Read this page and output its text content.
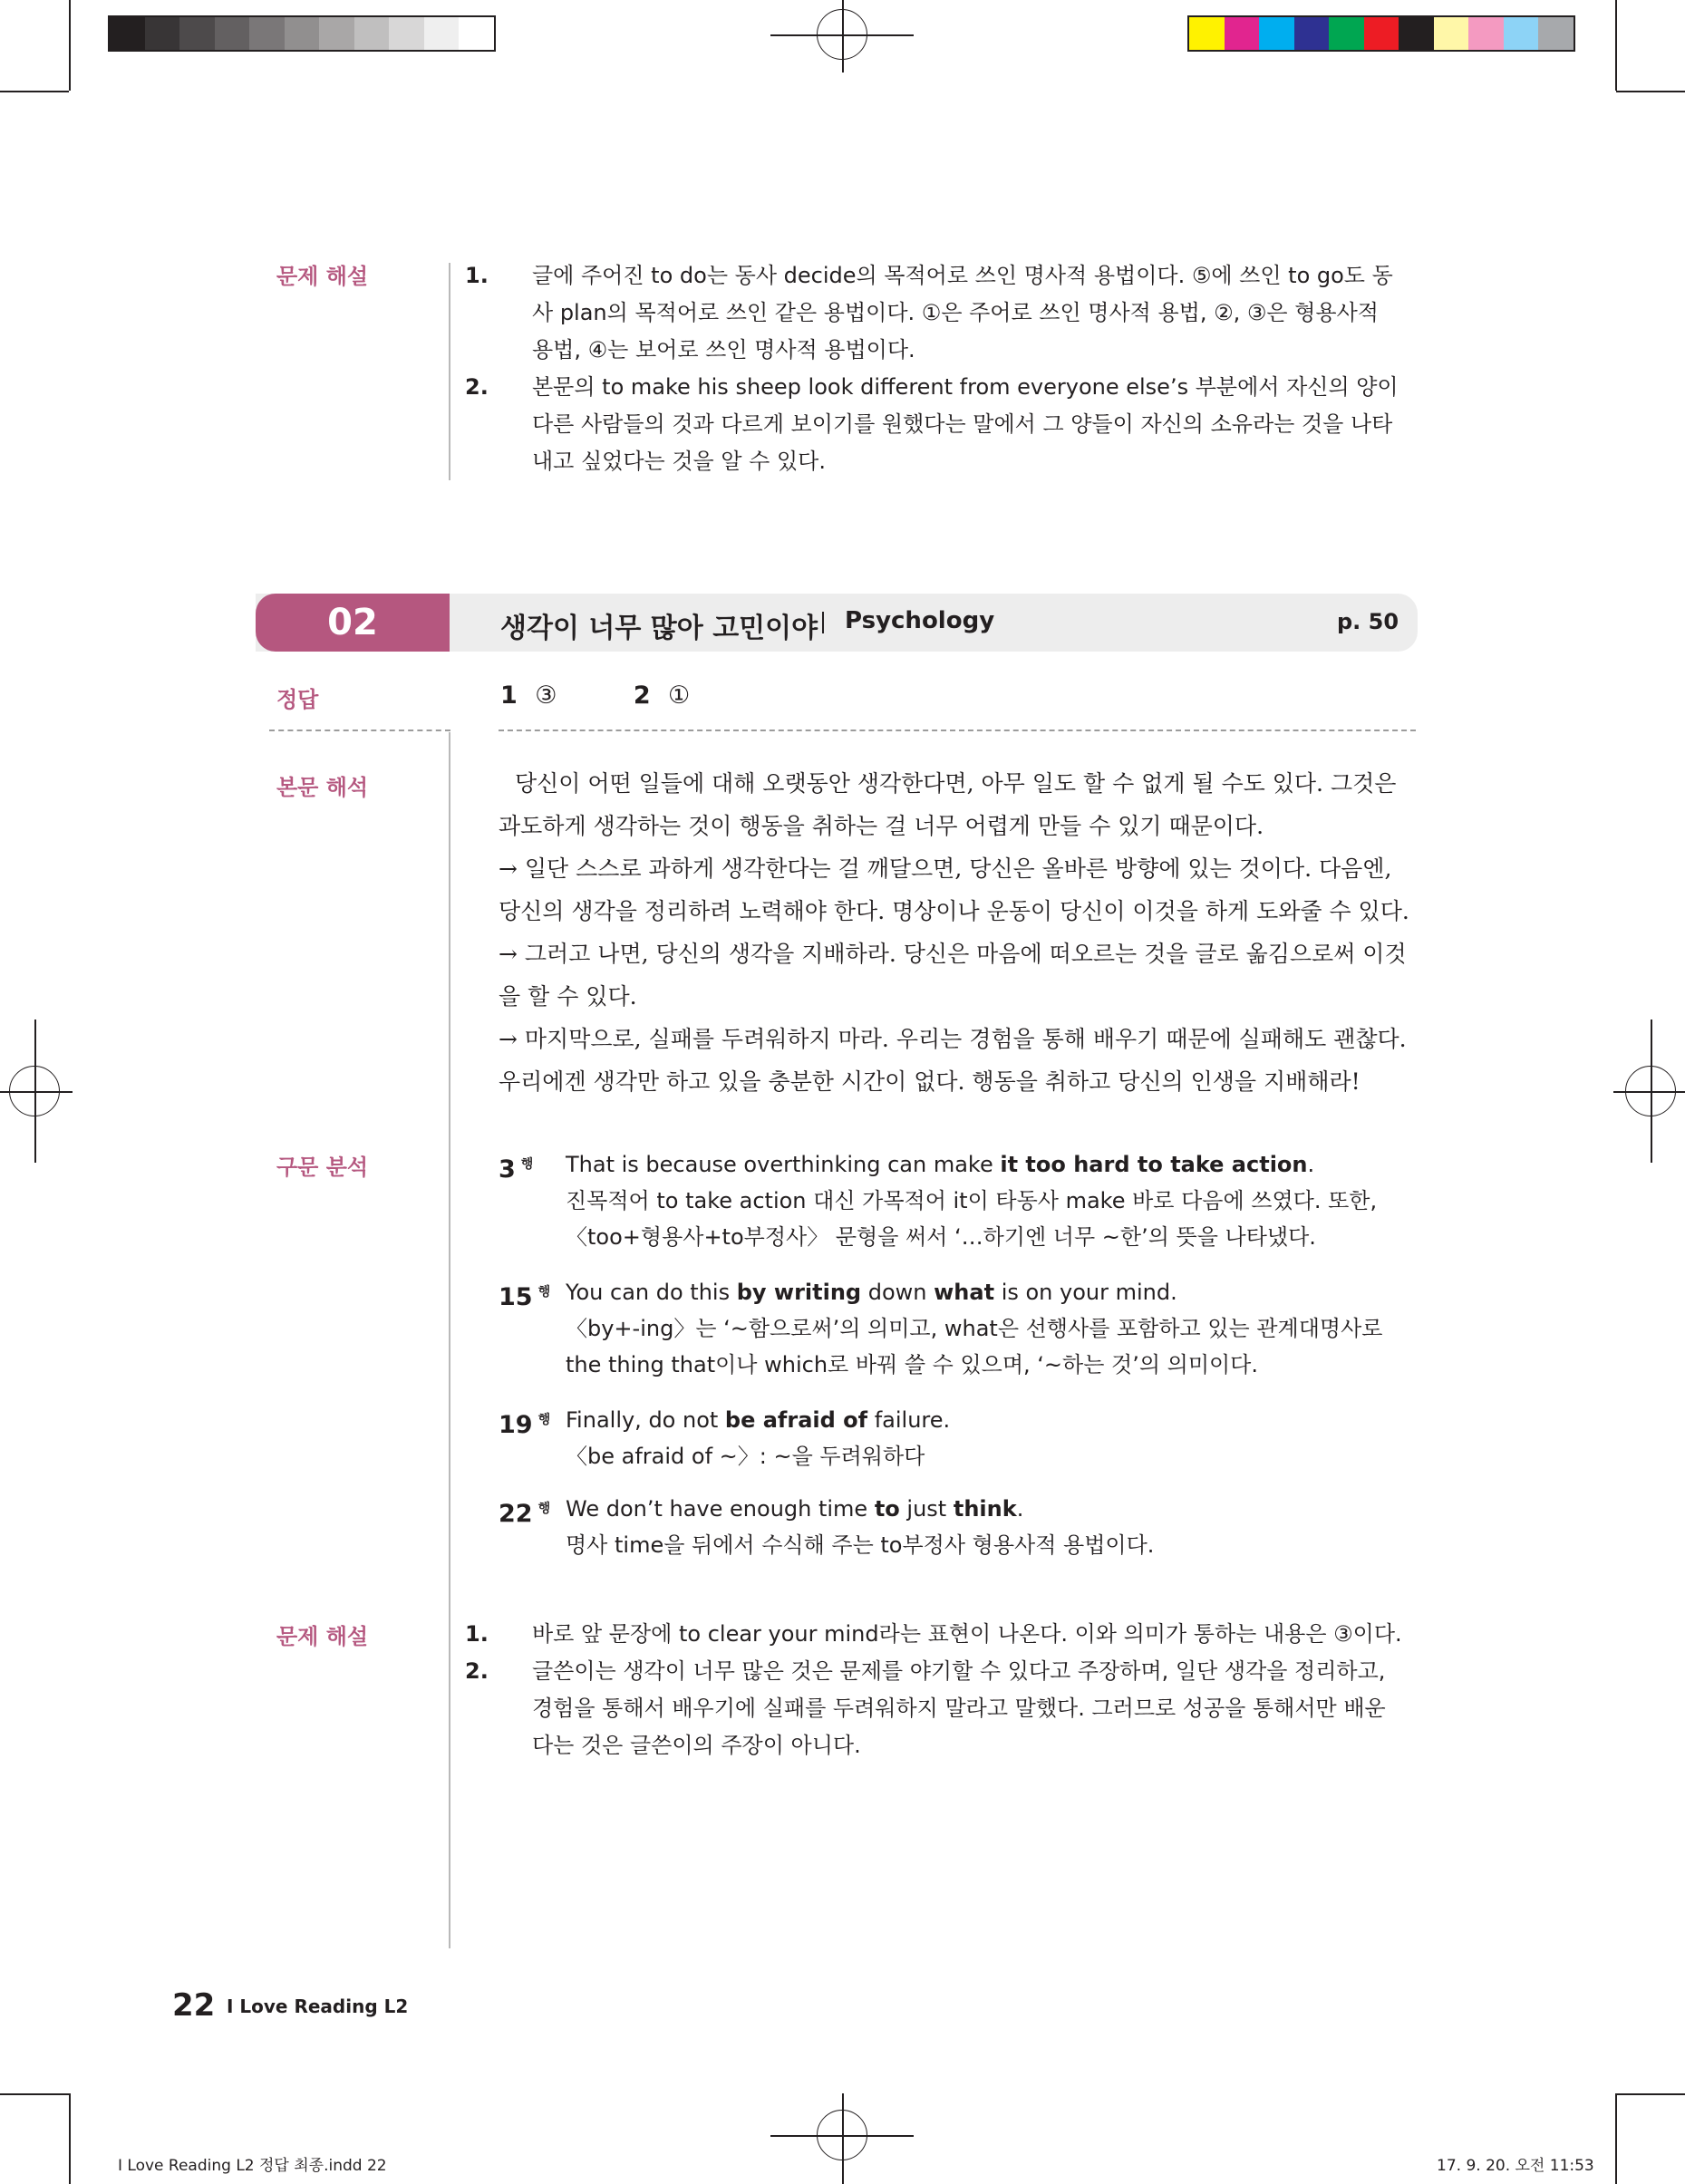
문제 해설	1. 글에 주어진 to do는 동사 decide의 목적어로 쓰인 명사적 용법이다. ⑤에 쓰인 to go도 동사 plan의 목적어로 쓰인 같은 용법이다. ①은 주어로 쓰인 명사적 용법, ②, ③은 형용사적 용법, ④는 보어로 쓰인 명사적 용법이다.
2. 본문의 to make his sheep look different from everyone else’s 부분에서 자신의 양이 다른 사람들의 것과 다르게 보이기를 원했다는 말에서 그 양들이 자신의 소유라는 것을 나타내고 싶었다는 것을 알 수 있다.
02	생각이 너무 많아 고민이야 Psychology	p. 50
정답	1 ③	2 ①
본문 해석	당신이 어떤 일들에 대해 오랫동안 생각한다면, 아무 일도 할 수 없게 될 수도 있다. 그것은 과도하게 생각하는 것이 행동을 취하는 걸 너무 어렵게 만들 수 있기 때문이다.
→ 일단 스스로 과하게 생각한다는 걸 깨달으면, 당신은 올바른 방향에 있는 것이다. 다음엔, 당신의 생각을 정리하려 노력해야 한다. 명상이나 운동이 당신이 이것을 하게 도와줄 수 있다.
→ 그러고 나면, 당신의 생각을 지배하라. 당신은 마음에 떠오르는 것을 글로 옮김으로써 이것을 할 수 있다.
→ 마지막으로, 실패를 두려워하지 마라. 우리는 경험을 통해 배우기 때문에 실패해도 괜찮다. 우리에겐 생각만 하고 있을 충분한 시간이 없다. 행동을 취하고 당신의 인생을 지배해라!
구문 분석	3 $^행$ That is because overthinking can make it too hard to take action.
진목적어 to take action 대신 가목적어 it이 타동사 make 바로 다음에 쓰였다. 또한, 〈too+형용사+to부정사〉 문형을 써서 ‘…하기엔 너무 ~한’의 뜻을 나타냈다.
15 $^행$ You can do this by writing down what is on your mind.
〈by+-ing〉는 ‘~함으로써’의 의미고, what은 선행사를 포함하고 있는 관계대명사로 the thing that이나 which로 바꿔 쓸 수 있으며, ‘~하는 것’의 의미이다.
19 $^행$ Finally, do not be afraid of failure.
〈be afraid of ~〉: ~을 두려워하다
22 $^행$ We don’t have enough time to just think.
명사 time을 뒤에서 수식해 주는 to부정사 형용사적 용법이다.
문제 해설	1. 바로 앞 문장에 to clear your mind라는 표현이 나온다. 이와 의미가 통하는 내용은 ③이다.
2. 글쓴이는 생각이 너무 많은 것은 문제를 야기할 수 있다고 주장하며, 일단 생각을 정리하고, 경험을 통해서 배우기에 실패를 두려워하지 말라고 말했다. 그러므로 성공을 통해서만 배운다는 것은 글쓴이의 주장이 아니다.
22 I Love Reading L2
I Love Reading L2 정답 최종.indd 22	17. 9. 20. 오전 11:53
